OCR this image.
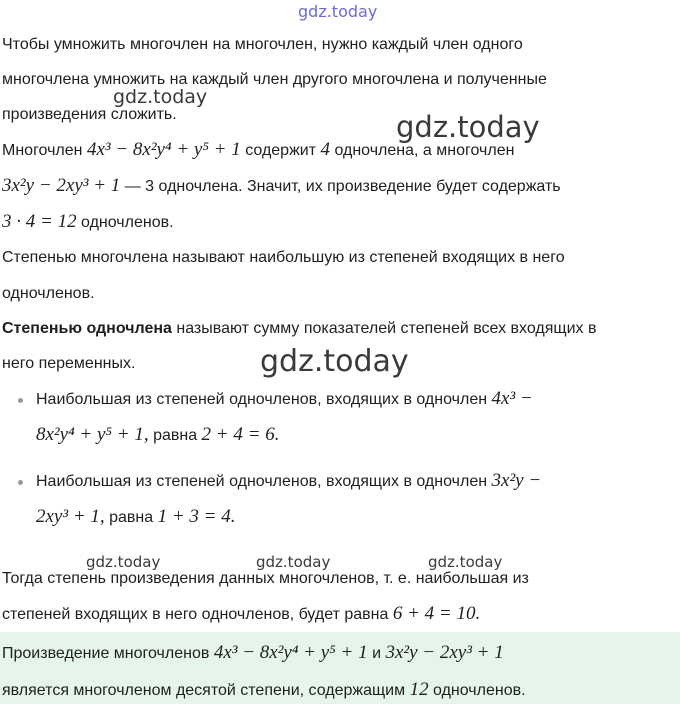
gdz.today
gdz.today
gdz.today
gdz.today
gdz.today	gdz.today	gdz.today
Чтобы умножить многочлен на многочлен, нужно каждый член одного
многочлена умножить на каждый член другого многочлена и полученные
произведения сложить.
Многочлен 4x³ − 8x²y⁴ + y⁵ + 1 содержит 4 одночлена, а многочлен
3x²y − 2xy³ + 1 — 3 одночлена. Значит, их произведение будет содержать
3 · 4 = 12 одночленов.
Степенью многочлена называют наибольшую из степеней входящих в него
одночленов.
Степенью одночлена называют сумму показателей степеней всех входящих в
него переменных.
Наибольшая из степеней одночленов, входящих в одночлен 4x³ −
8x²y⁴ + y⁵ + 1, равна 2 + 4 = 6.
Наибольшая из степеней одночленов, входящих в одночлен 3x²y −
2xy³ + 1, равна 1 + 3 = 4.
Тогда степень произведения данных многочленов, т. е. наибольшая из
степеней входящих в него одночленов, будет равна 6 + 4 = 10.
Произведение многочленов 4x³ − 8x²y⁴ + y⁵ + 1 и 3x²y − 2xy³ + 1
является многочленом десятой степени, содержащим 12 одночленов.
